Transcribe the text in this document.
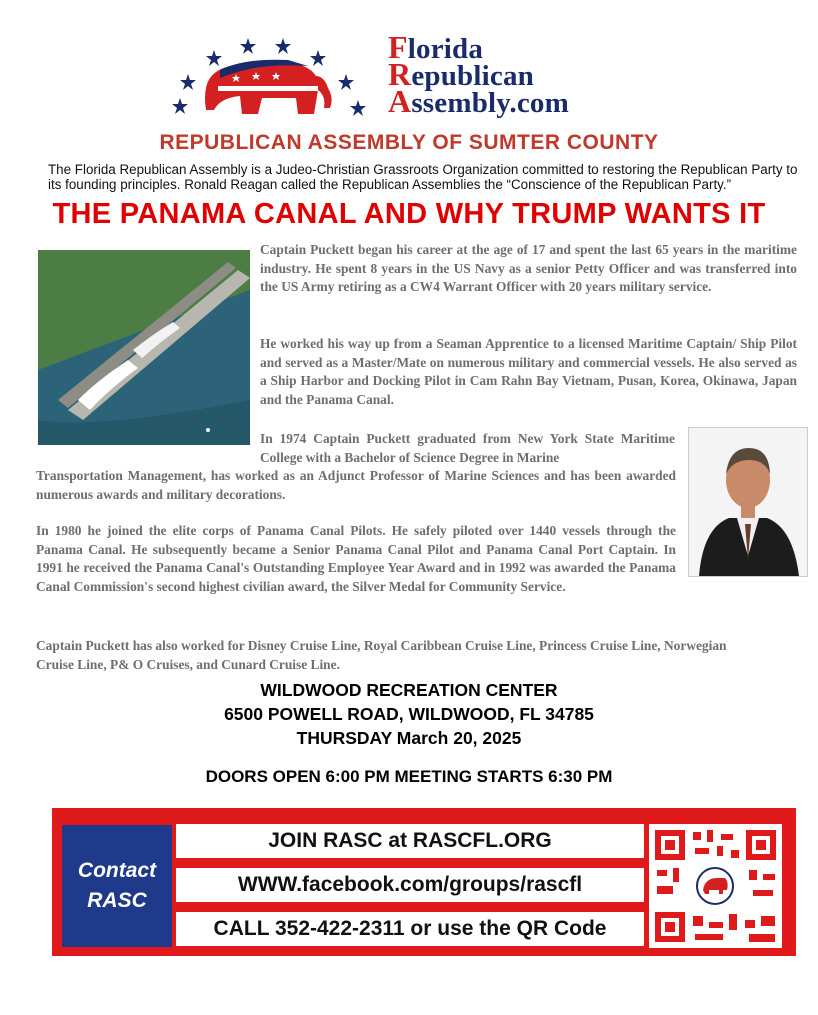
Florida
Republican
Assembly.com
REPUBLICAN ASSEMBLY OF SUMTER COUNTY
The Florida Republican Assembly is a Judeo-Christian Grassroots Organization committed to restoring the Republican Party to its founding principles. Ronald Reagan called the Republican Assemblies the “Conscience of the Republican Party.”
THE PANAMA CANAL AND WHY TRUMP WANTS IT
Captain Puckett began his career at the age of 17 and spent the last 65 years in the maritime industry. He spent 8 years in the US Navy as a senior Petty Officer and was transferred into the US Army retiring as a CW4 Warrant Officer with 20 years military service.
He worked his way up from a Seaman Apprentice to a licensed Maritime Captain/ Ship Pilot and served as a Master/Mate on numerous military and commercial vessels. He also served as a Ship Harbor and Docking Pilot in Cam Rahn Bay Vietnam, Pusan, Korea, Okinawa, Japan and the Panama Canal.
In 1974 Captain Puckett graduated from New York State Maritime College with a Bachelor of Science Degree in Marine
Transportation Management, has worked as an Adjunct Professor of Marine Sciences and has been awarded numerous awards and military decorations.
In 1980 he joined the elite corps of Panama Canal Pilots. He safely piloted over 1440 vessels through the Panama Canal. He subsequently became a Senior Panama Canal Pilot and Panama Canal Port Captain. In 1991 he received the Panama Canal's Outstanding Employee Year Award and in 1992 was awarded the Panama Canal Commission's second highest civilian award, the Silver Medal for Community Service.
Captain Puckett has also worked for Disney Cruise Line, Royal Caribbean Cruise Line, Princess Cruise Line, Norwegian Cruise Line, P& O Cruises, and Cunard Cruise Line.
WILDWOOD RECREATION CENTER
6500 POWELL ROAD, WILDWOOD, FL 34785
THURSDAY March 20, 2025
DOORS OPEN 6:00 PM MEETING STARTS 6:30 PM
Contact
RASC
JOIN RASC at RASCFL.ORG
WWW.facebook.com/groups/rascfl
CALL 352-422-2311 or use the QR Code
